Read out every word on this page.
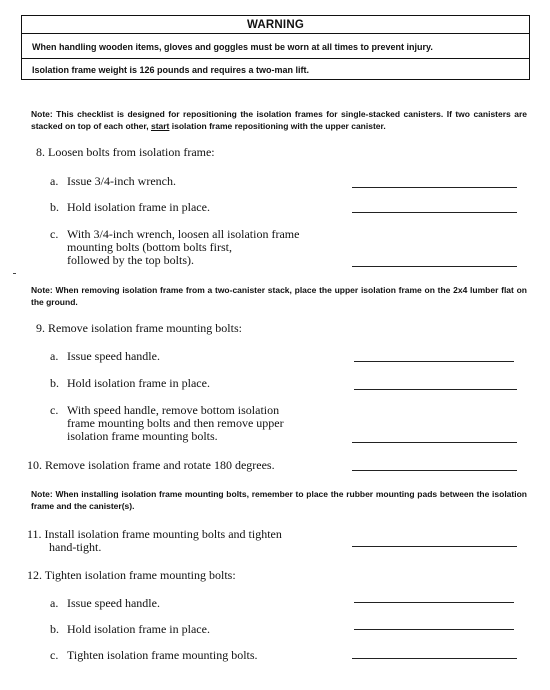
WARNING
When handling wooden items, gloves and goggles must be worn at all times to prevent injury.
Isolation frame weight is 126 pounds and requires a two-man lift.
Note: This checklist is designed for repositioning the isolation frames for single-stacked canisters. If two canisters are stacked on top of each other, start isolation frame repositioning with the upper canister.
8. Loosen bolts from isolation frame:
a. Issue 3/4-inch wrench.
b. Hold isolation frame in place.
c. With 3/4-inch wrench, loosen all isolation frame
mounting bolts (bottom bolts first,
followed by the top bolts).
Note: When removing isolation frame from a two-canister stack, place the upper isolation frame on the 2x4 lumber flat on the ground.
9. Remove isolation frame mounting bolts:
a. Issue speed handle.
b. Hold isolation frame in place.
c. With speed handle, remove bottom isolation
frame mounting bolts and then remove upper
isolation frame mounting bolts.
10. Remove isolation frame and rotate 180 degrees.
Note: When installing isolation frame mounting bolts, remember to place the rubber mounting pads between the isolation frame and the canister(s).
11. Install isolation frame mounting bolts and tighten
hand-tight.
12. Tighten isolation frame mounting bolts:
a. Issue speed handle.
b. Hold isolation frame in place.
c. Tighten isolation frame mounting bolts.
